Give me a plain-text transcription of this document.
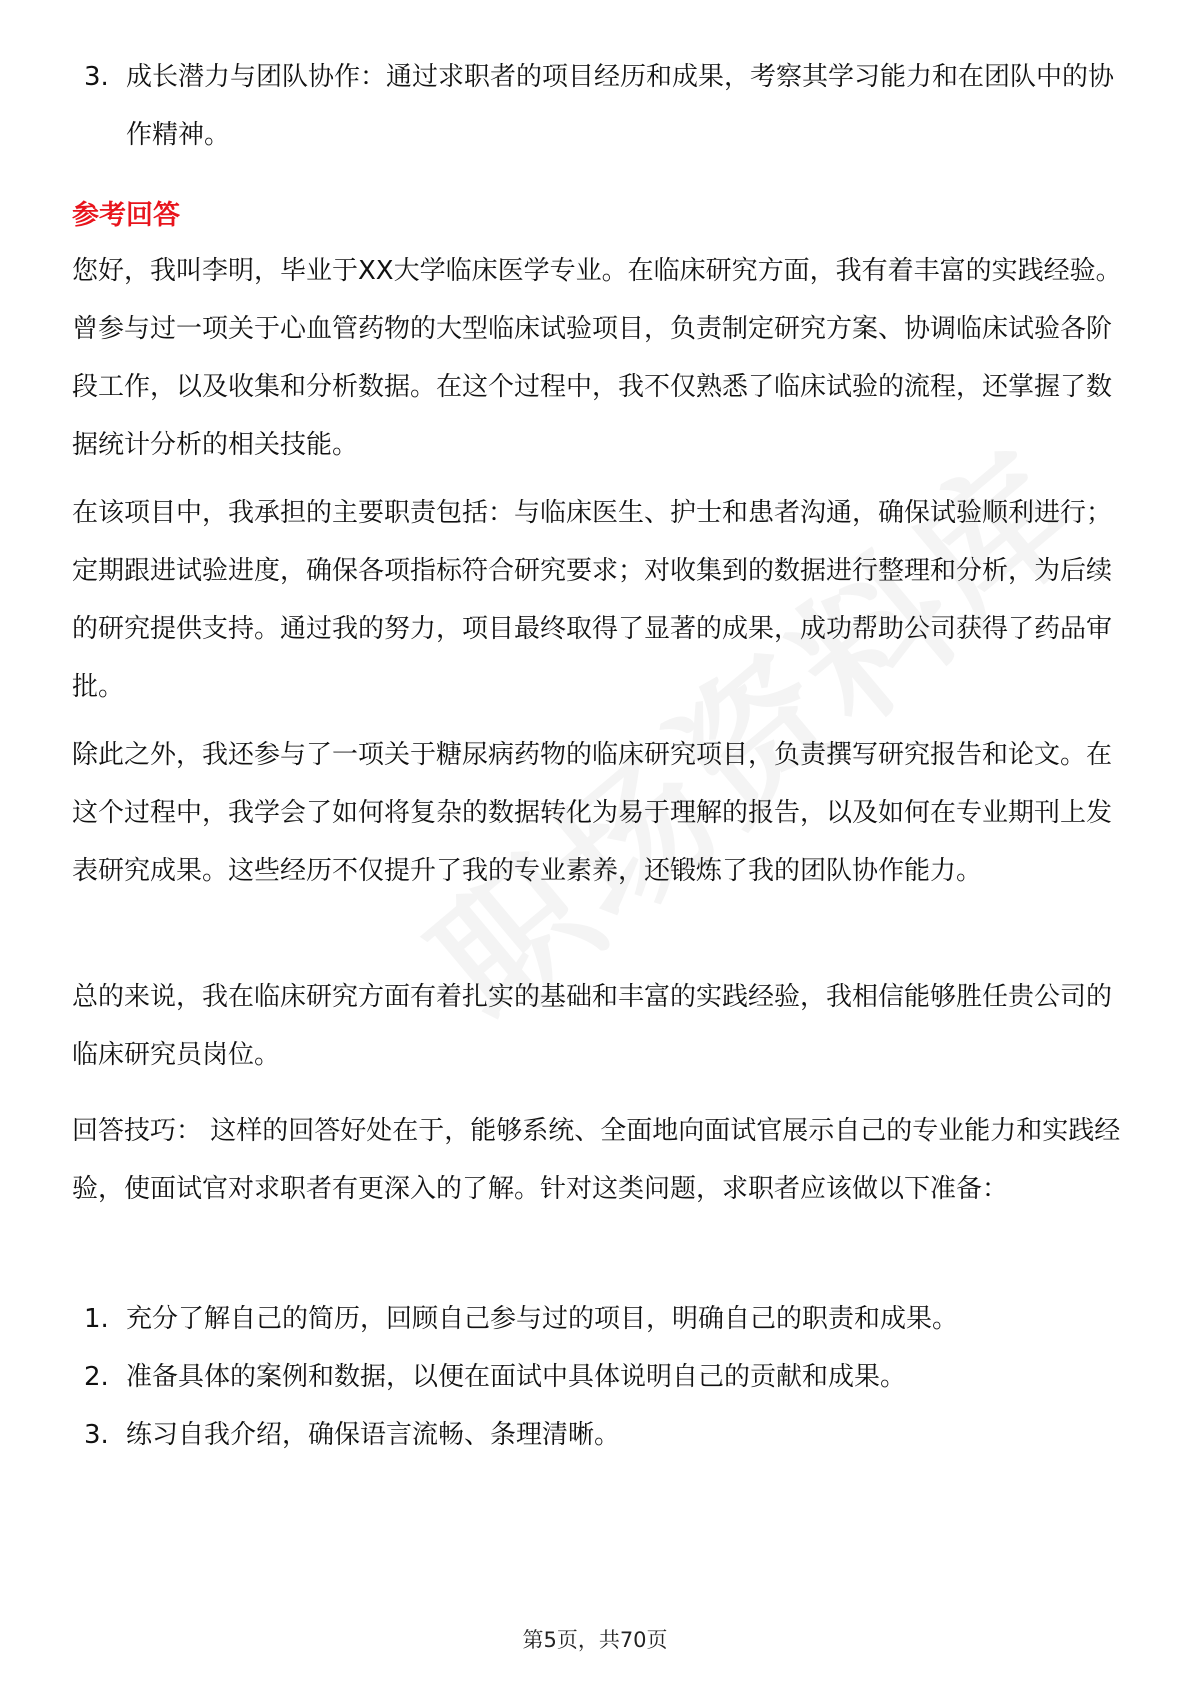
3. 成长潜力与团队协作：通过求职者的项目经历和成果，考察其学习能力和在团队中的协作精神。
参考回答

您好，我叫李明，毕业于XX大学临床医学专业。在临床研究方面，我有着丰富的实践经验。曾参与过一项关于心血管药物的大型临床试验项目，负责制定研究方案、协调临床试验各阶段工作，以及收集和分析数据。在这个过程中，我不仅熟悉了临床试验的流程，还掌握了数据统计分析的相关技能。

在该项目中，我承担的主要职责包括：与临床医生、护士和患者沟通，确保试验顺利进行；定期跟进试验进度，确保各项指标符合研究要求；对收集到的数据进行整理和分析，为后续的研究提供支持。通过我的努力，项目最终取得了显著的成果，成功帮助公司获得了药品审批。

除此之外，我还参与了一项关于糖尿病药物的临床研究项目，负责撰写研究报告和论文。在这个过程中，我学会了如何将复杂的数据转化为易于理解的报告，以及如何在专业期刊上发表研究成果。这些经历不仅提升了我的专业素养，还锻炼了我的团队协作能力。

总的来说，我在临床研究方面有着扎实的基础和丰富的实践经验，我相信能够胜任贵公司的临床研究员岗位。

回答技巧： 这样的回答好处在于，能够系统、全面地向面试官展示自己的专业能力和实践经验，使面试官对求职者有更深入的了解。针对这类问题，求职者应该做以下准备：

1. 充分了解自己的简历，回顾自己参与过的项目，明确自己的职责和成果。
2. 准备具体的案例和数据，以便在面试中具体说明自己的贡献和成果。
3. 练习自我介绍，确保语言流畅、条理清晰。
第5页，共70页
